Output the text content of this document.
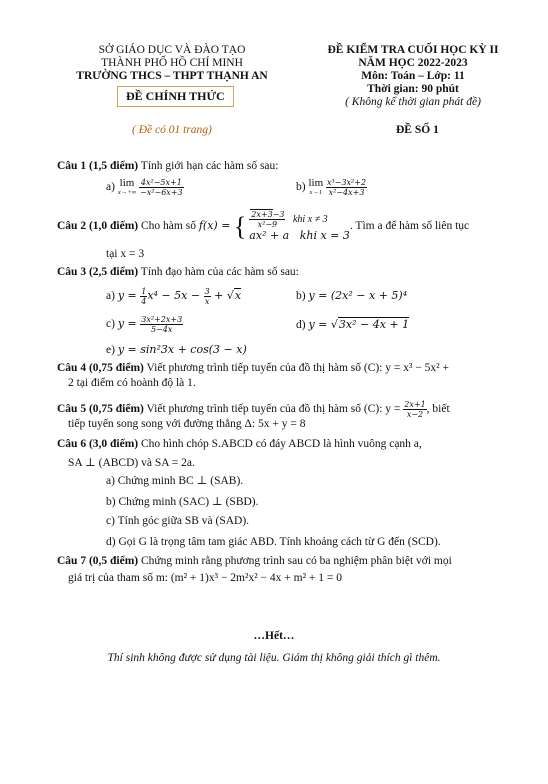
SỞ GIÁO DỤC VÀ ĐÀO TẠO
THÀNH PHỐ HỒ CHÍ MINH
TRƯỜNG THCS – THPT THẠNH AN
ĐỀ CHÍNH THỨC
( Đề có 01 trang)
ĐỀ KIỂM TRA CUỐI HỌC KỲ II
NĂM HỌC 2022-2023
Môn: Toán – Lớp: 11
Thời gian: 90 phút
( Không kể thời gian phát đề)
ĐỀ SỐ 1
Câu 1 (1,5 điểm) Tính giới hạn các hàm số sau:
a) lim
x→+∞
$\frac{\text{4x²−5x+1}}{\text{−x²−6x+3}}$	b) lim
x→1
$\frac{\text{x³−3x²+2}}{\text{x²−4x+3}}$
Câu 2 (1,0 điểm) Cho hàm số f(x) = { $\frac{2x+3-3}{\text{x²−9}}$ khi x ≠ 3
ax² + a   khi x = 3
. Tìm a để hàm số liên tục
tại x = 3
Câu 3 (2,5 điểm) Tính đạo hàm của các hàm số sau:
a) $y = \frac{1}{4} x^4 - 5x - \frac{3}{x} + √x$	b) y = (2x² − x + 5)⁴
c) $y = \frac{\text{3x²+2x+3}}{5-4x}$	d) y = √3x² − 4x + 1
e) y = sin²3x + cos(3 − x)
Câu 4 (0,75 điểm) Viết phương trình tiếp tuyến của đồ thị hàm số (C): y = x³ − 5x² +
2 tại điểm có hoành độ là 1.
Câu 5 (0,75 điểm) Viết phương trình tiếp tuyến của đồ thị hàm số (C): $y = \frac{2x+1}{x-2}$ , biết
tiếp tuyến song song với đường thẳng Δ: 5x + y = 8
Câu 6 (3,0 điểm) Cho hình chóp S.ABCD có đáy ABCD là hình vuông cạnh a,
SA ⊥ (ABCD) và SA = 2a.
a) Chứng minh BC ⊥ (SAB).
b) Chứng minh (SAC) ⊥ (SBD).
c) Tính góc giữa SB và (SAD).
d) Gọi G là trọng tâm tam giác ABD. Tính khoảng cách từ G đến (SCD).
Câu 7 (0,5 điểm) Chứng minh rằng phương trình sau có ba nghiệm phân biệt với mọi
giá trị của tham số m: (m² + 1)x³ − 2m²x² − 4x + m² + 1 = 0
…Hết…
Thí sinh không được sử dụng tài liệu. Giám thị không giải thích gì thêm.
